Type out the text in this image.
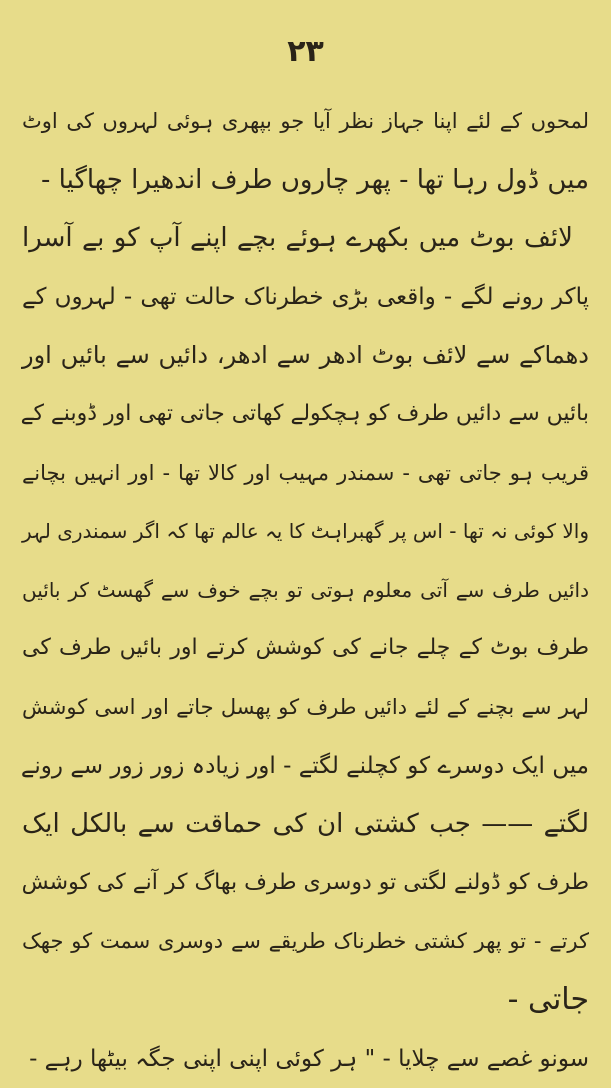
۲۳
لمحوں کے لئے اپنا جہاز نظر آیا جو بپھری ہوئی لہروں کی اوٹ
میں ڈول رہا تھا - پھر چاروں طرف اندھیرا چھاگیا -
لائف بوٹ میں بکھرے ہوئے بچے اپنے آپ کو بے آسرا
پاکر رونے لگے - واقعی بڑی خطرناک حالت تھی - لہروں کے
دھماکے سے لائف بوٹ ادھر سے ادھر، دائیں سے بائیں اور
بائیں سے دائیں طرف کو ہچکولے کھاتی جاتی تھی اور ڈوبنے کے
قریب ہو جاتی تھی - سمندر مہیب اور کالا تھا - اور انہیں بچانے
والا کوئی نہ تھا - اس پر گھبراہٹ کا یہ عالم تھا کہ اگر سمندری لہر
دائیں طرف سے آتی معلوم ہوتی تو بچے خوف سے گھسٹ کر بائیں
طرف بوٹ کے چلے جانے کی کوشش کرتے اور بائیں طرف کی
لہر سے بچنے کے لئے دائیں طرف کو پھسل جاتے اور اسی کوشش
میں ایک دوسرے کو کچلنے لگتے - اور زیادہ زور زور سے رونے
لگتے —— جب کشتی ان کی حماقت سے بالکل ایک
طرف کو ڈولنے لگتی تو دوسری طرف بھاگ کر آنے کی کوشش
کرتے - تو پھر کشتی خطرناک طریقے سے دوسری سمت کو جھک
جاتی -
سونو غصے سے چلایا - " ہر کوئی اپنی اپنی جگہ بیٹھا رہے -
